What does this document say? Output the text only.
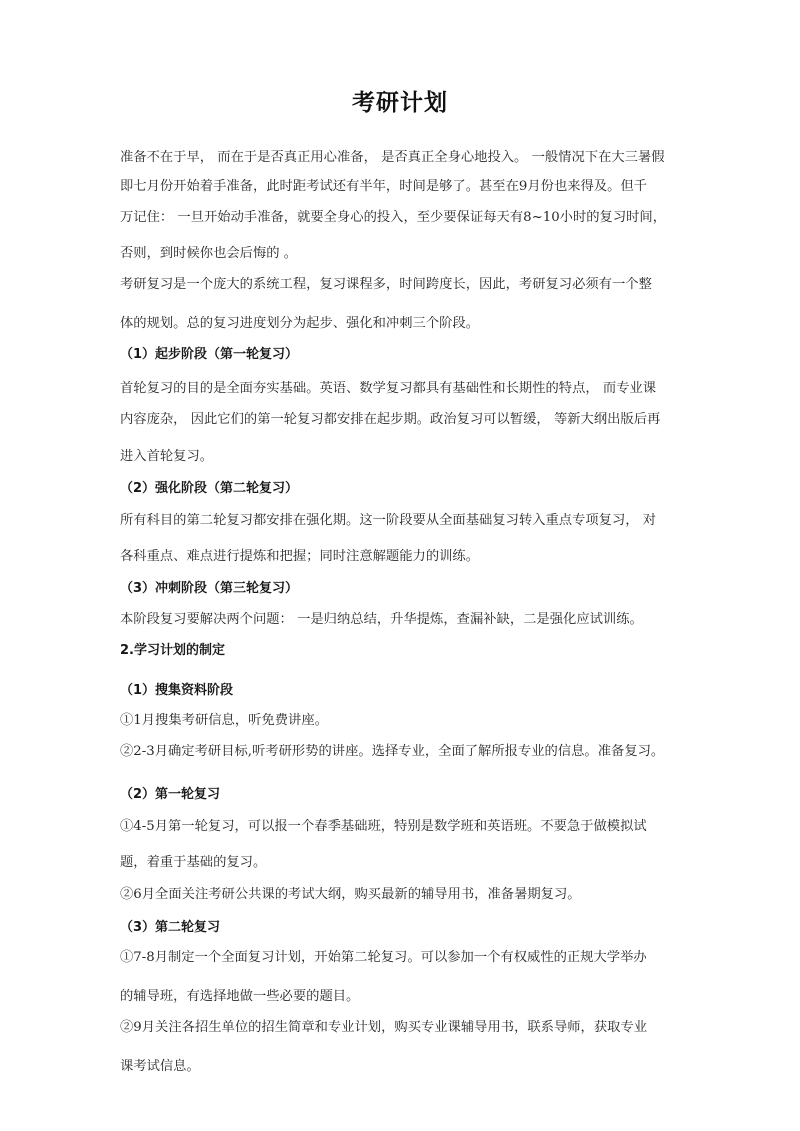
考研计划
准备不在于早， 而在于是否真正用心准备， 是否真正全身心地投入。 一般情况下在大三暑假
即七月份开始着手准备，此时距考试还有半年，时间是够了。甚至在9月份也来得及。但千
万记住： 一旦开始动手准备，就要全身心的投入，至少要保证每天有8~10小时的复习时间，
否则，到时候你也会后悔的 。
考研复习是一个庞大的系统工程，复习课程多，时间跨度长，因此，考研复习必须有一个整
体的规划。总的复习进度划分为起步、强化和冲刺三个阶段。
（1）起步阶段（第一轮复习）
首轮复习的目的是全面夯实基础。英语、数学复习都具有基础性和长期性的特点， 而专业课
内容庞杂， 因此它们的第一轮复习都安排在起步期。政治复习可以暂缓， 等新大纲出版后再
进入首轮复习。
（2）强化阶段（第二轮复习）
所有科目的第二轮复习都安排在强化期。这一阶段要从全面基础复习转入重点专项复习， 对
各科重点、难点进行提炼和把握；同时注意解题能力的训练。
（3）冲刺阶段（第三轮复习）
本阶段复习要解决两个问题： 一是归纳总结，升华提炼，查漏补缺，二是强化应试训练。
2.学习计划的制定
（1）搜集资料阶段
①1月搜集考研信息，听免费讲座。
②2-3月确定考研目标,听考研形势的讲座。选择专业，全面了解所报专业的信息。准备复习。
（2）第一轮复习
①4-5月第一轮复习，可以报一个春季基础班，特别是数学班和英语班。不要急于做模拟试
题，着重于基础的复习。
②6月全面关注考研公共课的考试大纲，购买最新的辅导用书，准备暑期复习。
（3）第二轮复习
①7-8月制定一个全面复习计划，开始第二轮复习。可以参加一个有权威性的正规大学举办
的辅导班，有选择地做一些必要的题目。
②9月关注各招生单位的招生简章和专业计划，购买专业课辅导用书，联系导师，获取专业
课考试信息。
